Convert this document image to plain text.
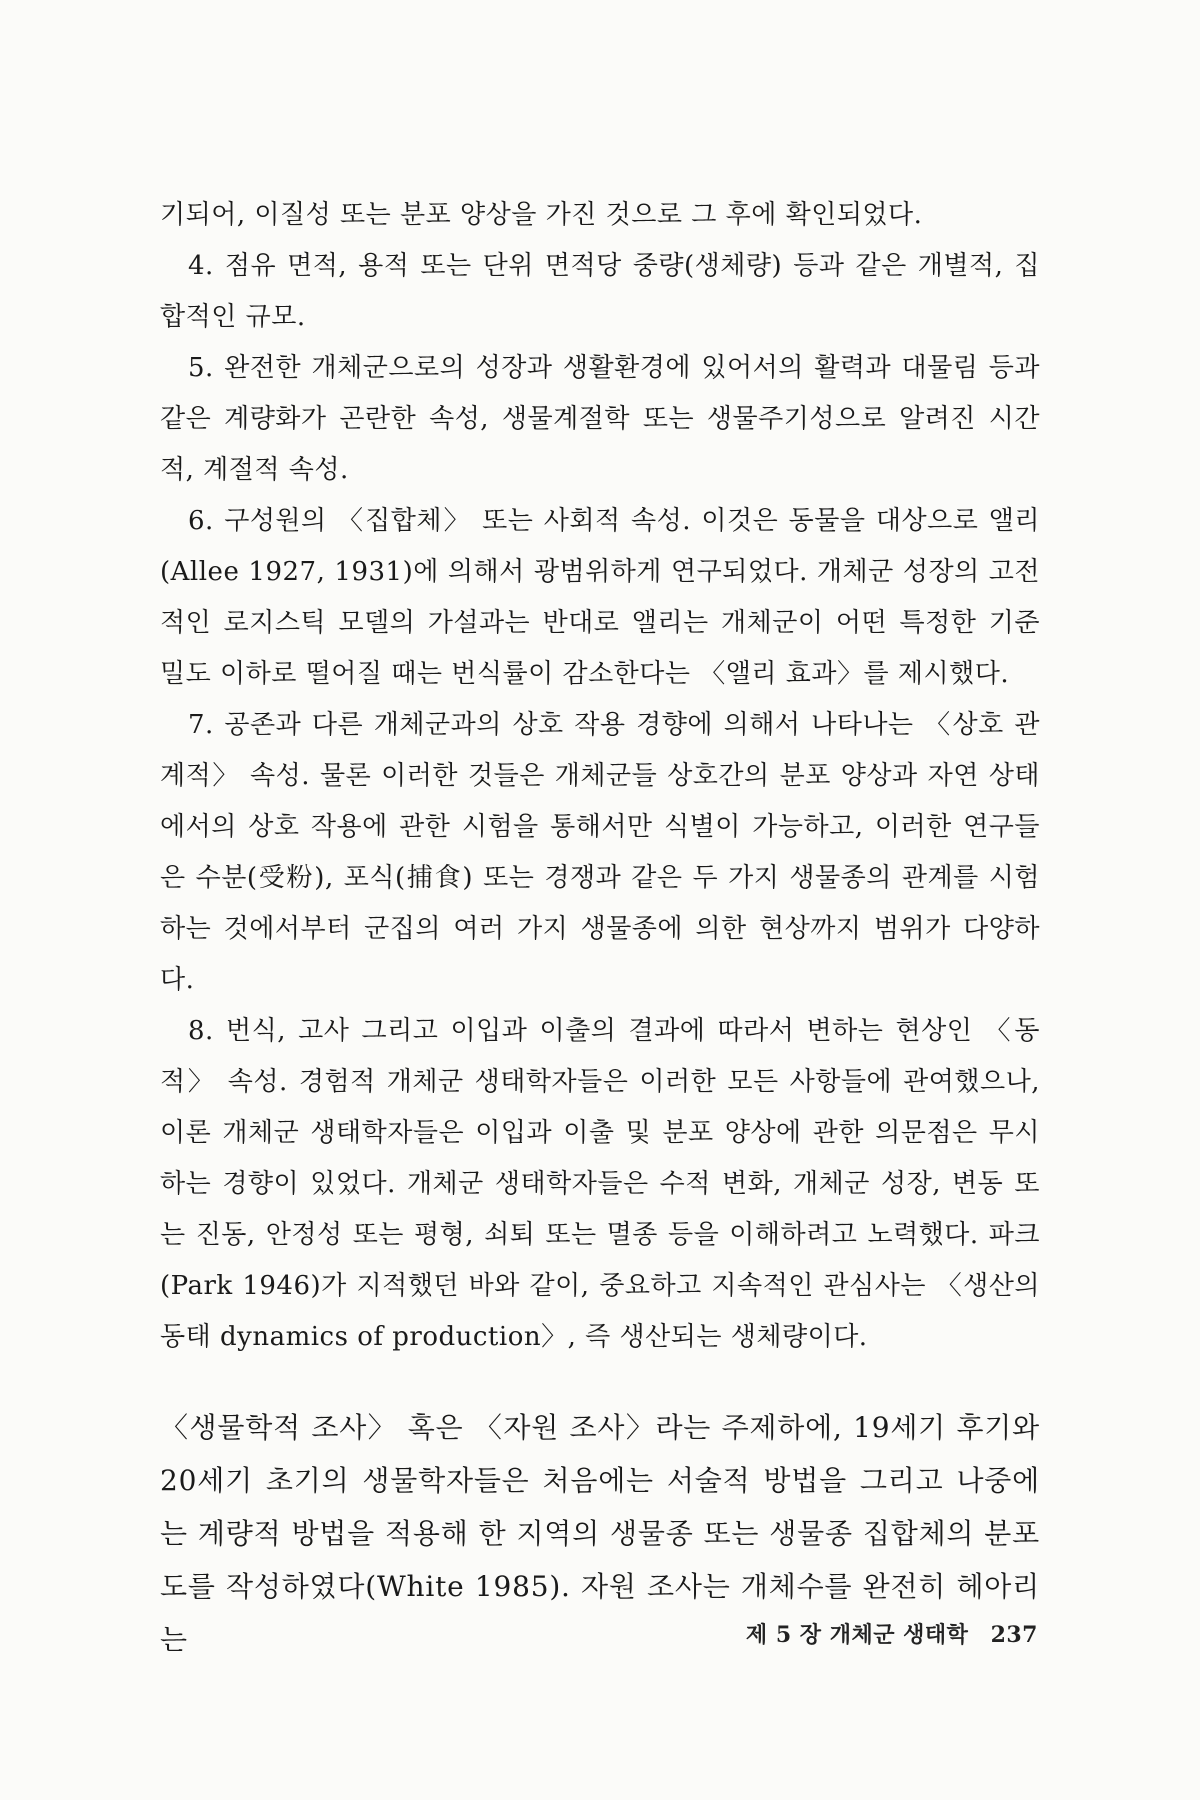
기되어, 이질성 또는 분포 양상을 가진 것으로 그 후에 확인되었다.

4. 점유 면적, 용적 또는 단위 면적당 중량(생체량) 등과 같은 개별적, 집합적인 규모.

5. 완전한 개체군으로의 성장과 생활환경에 있어서의 활력과 대물림 등과 같은 계량화가 곤란한 속성, 생물계절학 또는 생물주기성으로 알려진 시간적, 계절적 속성.

6. 구성원의 〈집합체〉 또는 사회적 속성. 이것은 동물을 대상으로 앨리(Allee 1927, 1931)에 의해서 광범위하게 연구되었다. 개체군 성장의 고전적인 로지스틱 모델의 가설과는 반대로 앨리는 개체군이 어떤 특정한 기준 밀도 이하로 떨어질 때는 번식률이 감소한다는 〈앨리 효과〉를 제시했다.

7. 공존과 다른 개체군과의 상호 작용 경향에 의해서 나타나는 〈상호 관계적〉 속성. 물론 이러한 것들은 개체군들 상호간의 분포 양상과 자연 상태에서의 상호 작용에 관한 시험을 통해서만 식별이 가능하고, 이러한 연구들은 수분(受粉), 포식(捕食) 또는 경쟁과 같은 두 가지 생물종의 관계를 시험하는 것에서부터 군집의 여러 가지 생물종에 의한 현상까지 범위가 다양하다.

8. 번식, 고사 그리고 이입과 이출의 결과에 따라서 변하는 현상인 〈동적〉 속성. 경험적 개체군 생태학자들은 이러한 모든 사항들에 관여했으나, 이론 개체군 생태학자들은 이입과 이출 및 분포 양상에 관한 의문점은 무시하는 경향이 있었다. 개체군 생태학자들은 수적 변화, 개체군 성장, 변동 또는 진동, 안정성 또는 평형, 쇠퇴 또는 멸종 등을 이해하려고 노력했다. 파크(Park 1946)가 지적했던 바와 같이, 중요하고 지속적인 관심사는 〈생산의 동태 dynamics of production〉, 즉 생산되는 생체량이다.

〈생물학적 조사〉 혹은 〈자원 조사〉라는 주제하에, 19세기 후기와 20세기 초기의 생물학자들은 처음에는 서술적 방법을 그리고 나중에는 계량적 방법을 적용해 한 지역의 생물종 또는 생물종 집합체의 분포도를 작성하였다(White 1985). 자원 조사는 개체수를 완전히 헤아리는	제 5 장 개체군 생태학 237
